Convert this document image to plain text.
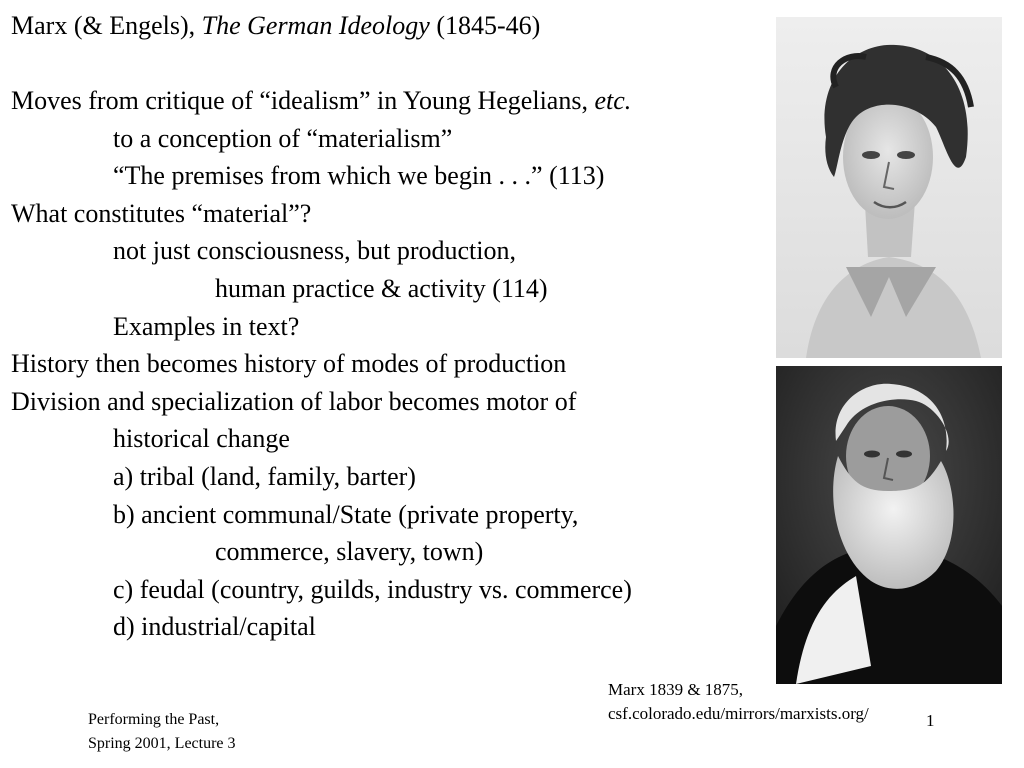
Marx (& Engels), The German Ideology (1845-46)
Moves from critique of “idealism” in Young Hegelians, etc.
to a conception of “materialism”
“The premises from which we begin . . .” (113)
What constitutes “material”?
not just consciousness, but production,
human practice & activity (114)
Examples in text?
History then becomes history of modes of production
Division and specialization of labor becomes motor of
historical change
a) tribal (land, family, barter)
b) ancient communal/State (private property,
commerce, slavery, town)
c) feudal (country, guilds, industry vs. commerce)
d) industrial/capital
Marx 1839 & 1875,
csf.colorado.edu/mirrors/marxists.org/
Performing the Past,
Spring 2001, Lecture 3
1
